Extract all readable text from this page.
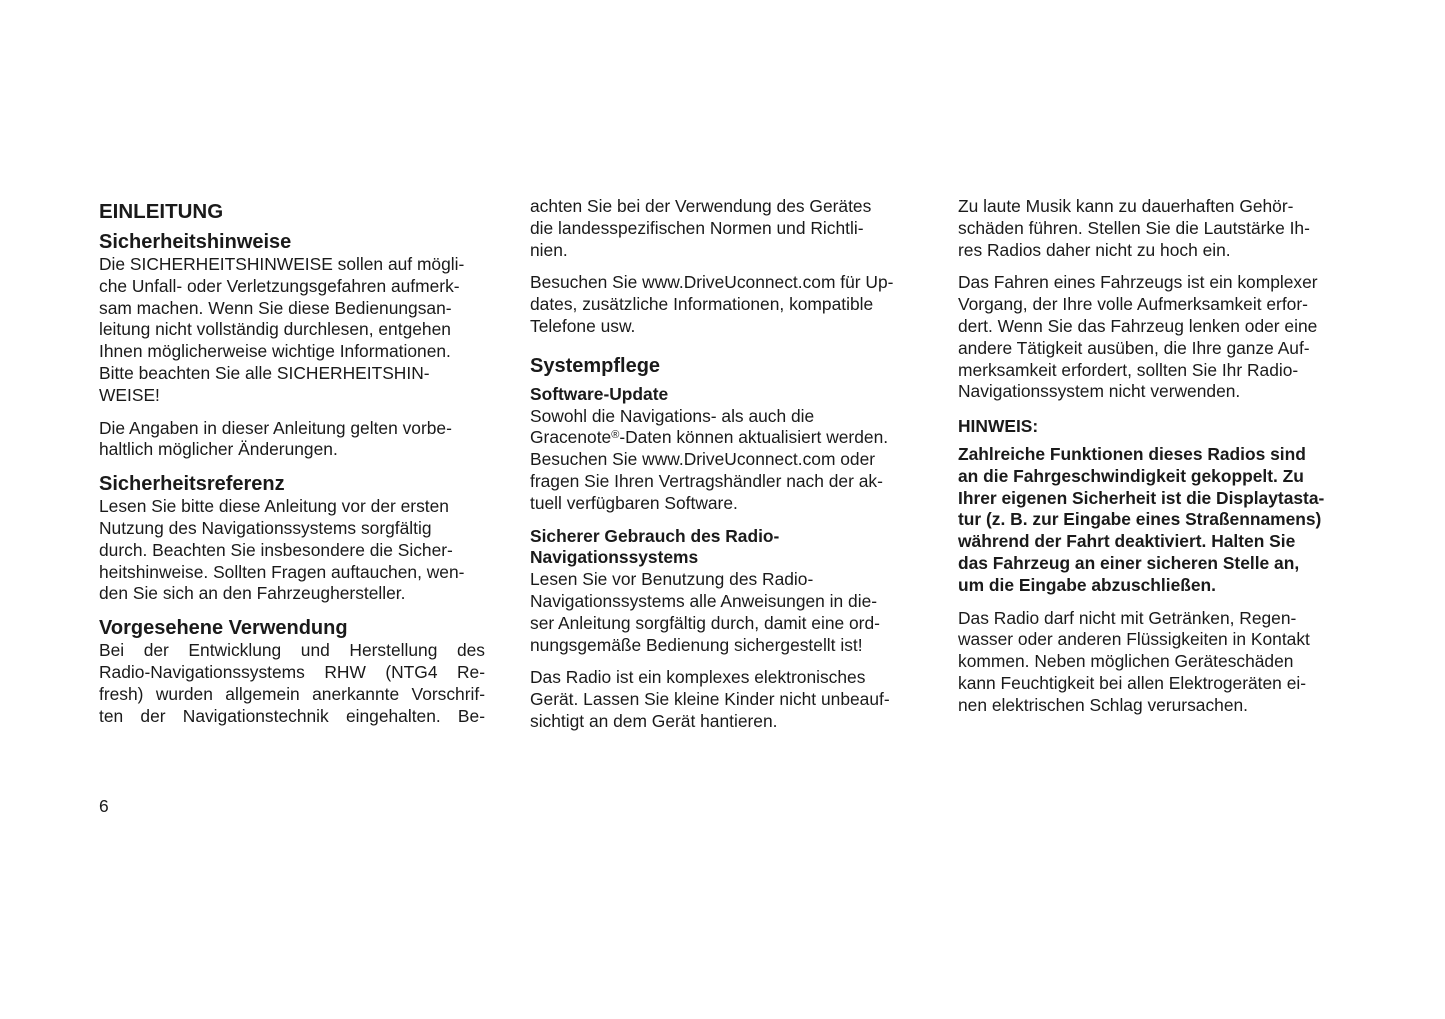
EINLEITUNG
Sicherheitshinweise

Die SICHERHEITSHINWEISE sollen auf mögli-
che Unfall- oder Verletzungsgefahren aufmerk-
sam machen. Wenn Sie diese Bedienungsan-
leitung nicht vollständig durchlesen, entgehen
Ihnen möglicherweise wichtige Informationen.
Bitte beachten Sie alle SICHERHEITSHIN-
WEISE!

Die Angaben in dieser Anleitung gelten vorbe-
haltlich möglicher Änderungen.

Sicherheitsreferenz

Lesen Sie bitte diese Anleitung vor der ersten
Nutzung des Navigationssystems sorgfältig
durch. Beachten Sie insbesondere die Sicher-
heitshinweise. Sollten Fragen auftauchen, wen-
den Sie sich an den Fahrzeughersteller.

Vorgesehene Verwendung

Bei der Entwicklung und Herstellung des
Radio-Navigationssystems RHW (NTG4 Re-
fresh) wurden allgemein anerkannte Vorschrif-
ten der Navigationstechnik eingehalten. Be-

achten Sie bei der Verwendung des Gerätes
die landesspezifischen Normen und Richtli-
nien.

Besuchen Sie www.DriveUconnect.com für Up-
dates, zusätzliche Informationen, kompatible
Telefone usw.

Systempflege
Software-Update

Sowohl die Navigations- als auch die
Gracenote®-Daten können aktualisiert werden.
Besuchen Sie www.DriveUconnect.com oder
fragen Sie Ihren Vertragshändler nach der ak-
tuell verfügbaren Software.

Sicherer Gebrauch des Radio-
Navigationssystems

Lesen Sie vor Benutzung des Radio-
Navigationssystems alle Anweisungen in die-
ser Anleitung sorgfältig durch, damit eine ord-
nungsgemäße Bedienung sichergestellt ist!

Das Radio ist ein komplexes elektronisches
Gerät. Lassen Sie kleine Kinder nicht unbeauf-
sichtigt an dem Gerät hantieren.

Zu laute Musik kann zu dauerhaften Gehör-
schäden führen. Stellen Sie die Lautstärke Ih-
res Radios daher nicht zu hoch ein.

Das Fahren eines Fahrzeugs ist ein komplexer
Vorgang, der Ihre volle Aufmerksamkeit erfor-
dert. Wenn Sie das Fahrzeug lenken oder eine
andere Tätigkeit ausüben, die Ihre ganze Auf-
merksamkeit erfordert, sollten Sie Ihr Radio-
Navigationssystem nicht verwenden.

HINWEIS:

Zahlreiche Funktionen dieses Radios sind
an die Fahrgeschwindigkeit gekoppelt. Zu
Ihrer eigenen Sicherheit ist die Displaytasta-
tur (z. B. zur Eingabe eines Straßennamens)
während der Fahrt deaktiviert. Halten Sie
das Fahrzeug an einer sicheren Stelle an,
um die Eingabe abzuschließen.

Das Radio darf nicht mit Getränken, Regen-
wasser oder anderen Flüssigkeiten in Kontakt
kommen. Neben möglichen Geräteschäden
kann Feuchtigkeit bei allen Elektrogeräten ei-
nen elektrischen Schlag verursachen.

6
